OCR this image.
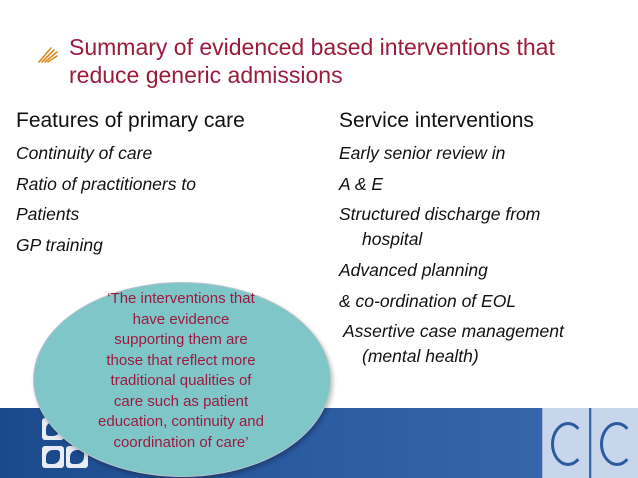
Summary of evidenced based interventions that
reduce generic admissions
Features of primary care
Continuity of care
Ratio of practitioners to
Patients
GP training
Service interventions
Early senior review in
A & E
Structured discharge from
hospital
Advanced planning
& co-ordination of EOL
Assertive case management
(mental health)

‘The interventions that
have evidence
supporting them are
those that reflect more
traditional qualities of
care such as patient
education, continuity and
coordination of care’
